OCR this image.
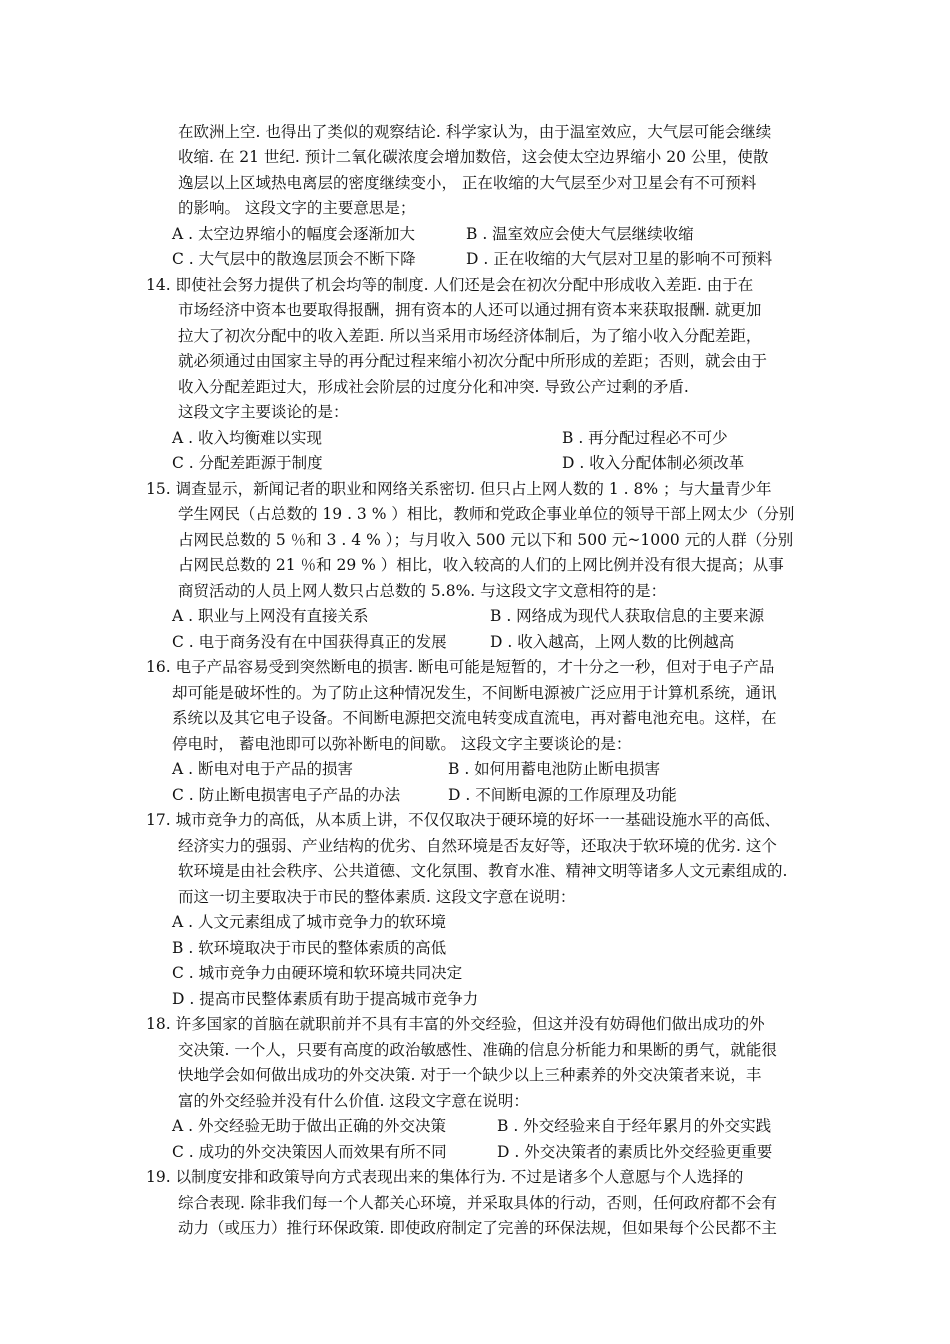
在欧洲上空. 也得出了类似的观察结论. 科学家认为，由于温室效应，大气层可能会继续
收缩. 在 21 世纪. 预计二氧化碳浓度会增加数倍，这会使太空边界缩小 20 公里，使散
逸层以上区域热电离层的密度继续变小， 正在收缩的大气层至少对卫星会有不可预料
的影响。 这段文字的主要意思是；
A . 太空边界缩小的幅度会逐渐加大	B . 温室效应会使大气层继续收缩
C . 大气层中的散逸层顶会不断下降	D . 正在收缩的大气层对卫星的影响不可预料
14. 即使社会努力提供了机会均等的制度. 人们还是会在初次分配中形成收入差距. 由于在
市场经济中资本也要取得报酬，拥有资本的人还可以通过拥有资本来获取报酬. 就更加
拉大了初次分配中的收入差距. 所以当采用市场经济体制后，为了缩小收入分配差距，
就必须通过由国家主导的再分配过程来缩小初次分配中所形成的差距；否则，就会由于
收入分配差距过大，形成社会阶层的过度分化和冲突. 导致公产过剩的矛盾.
这段文字主要谈论的是：
A . 收入均衡难以实现	B . 再分配过程必不可少
C . 分配差距源于制度	D . 收入分配体制必须改革
15. 调查显示，新闻记者的职业和网络关系密切. 但只占上网人数的 1 . 8% ；与大量青少年
学生网民（占总数的 19 . 3 % ）相比，教师和党政企事业单位的领导干部上网太少（分别
占网民总数的 5 ％和 3 . 4 % ）；与月收入 500 元以下和 500 元~1000 元的人群（分别
占网民总数的 21 ％和 29 % ）相比，收入较高的人们的上网比例并没有很大提高；从事
商贸活动的人员上网人数只占总数的 5.8%. 与这段文字文意相符的是：
A . 职业与上网没有直接关系	B . 网络成为现代人获取信息的主要来源
C . 电于商务没有在中国获得真正的发展	D . 收入越高，上网人数的比例越高
16. 电子产品容易受到突然断电的损害. 断电可能是短暂的，才十分之一秒，但对于电子产品
却可能是破坏性的。为了防止这种情况发生，不间断电源被广泛应用于计算机系统，通讯
系统以及其它电子设备。不间断电源把交流电转变成直流电，再对蓄电池充电。这样，在
停电时， 蓄电池即可以弥补断电的间歇。 这段文字主要谈论的是：
A . 断电对电于产品的损害	B . 如何用蓄电池防止断电损害
C . 防止断电损害电子产品的办法	D . 不间断电源的工作原理及功能
17. 城市竞争力的高低，从本质上讲，不仅仅取决于硬环境的好坏一一基础设施水平的高低、
经济实力的强弱、产业结构的优劣、自然环境是否友好等，还取决于软环境的优劣. 这个
软环境是由社会秩序、公共道德、文化氛围、教育水准、精神文明等诸多人文元素组成的.
而这一切主要取决于市民的整体素质. 这段文字意在说明：
A . 人文元素组成了城市竞争力的软环境
B . 软环境取决于市民的整体索质的高低
C . 城市竞争力由硬环境和软环境共同决定
D . 提高市民整体素质有助于提高城市竞争力
18. 许多国家的首脑在就职前并不具有丰富的外交经验，但这并没有妨碍他们做出成功的外
交决策. 一个人，只要有高度的政治敏感性、准确的信息分析能力和果断的勇气，就能很
快地学会如何做出成功的外交决策. 对于一个缺少以上三种素养的外交决策者来说，丰
富的外交经验并没有什么价值. 这段文字意在说明：
A . 外交经验无助于做出正确的外交决策	B . 外交经验来自于经年累月的外交实践
C . 成功的外交决策因人而效果有所不同	D . 外交决策者的素质比外交经验更重要
19. 以制度安排和政策导向方式表现出来的集体行为. 不过是诸多个人意愿与个人选择的
综合表现. 除非我们每一个人都关心环境，并采取具体的行动，否则，任何政府都不会有
动力（或压力）推行环保政策. 即使政府制定了完善的环保法规，但如果每个公民都不主
